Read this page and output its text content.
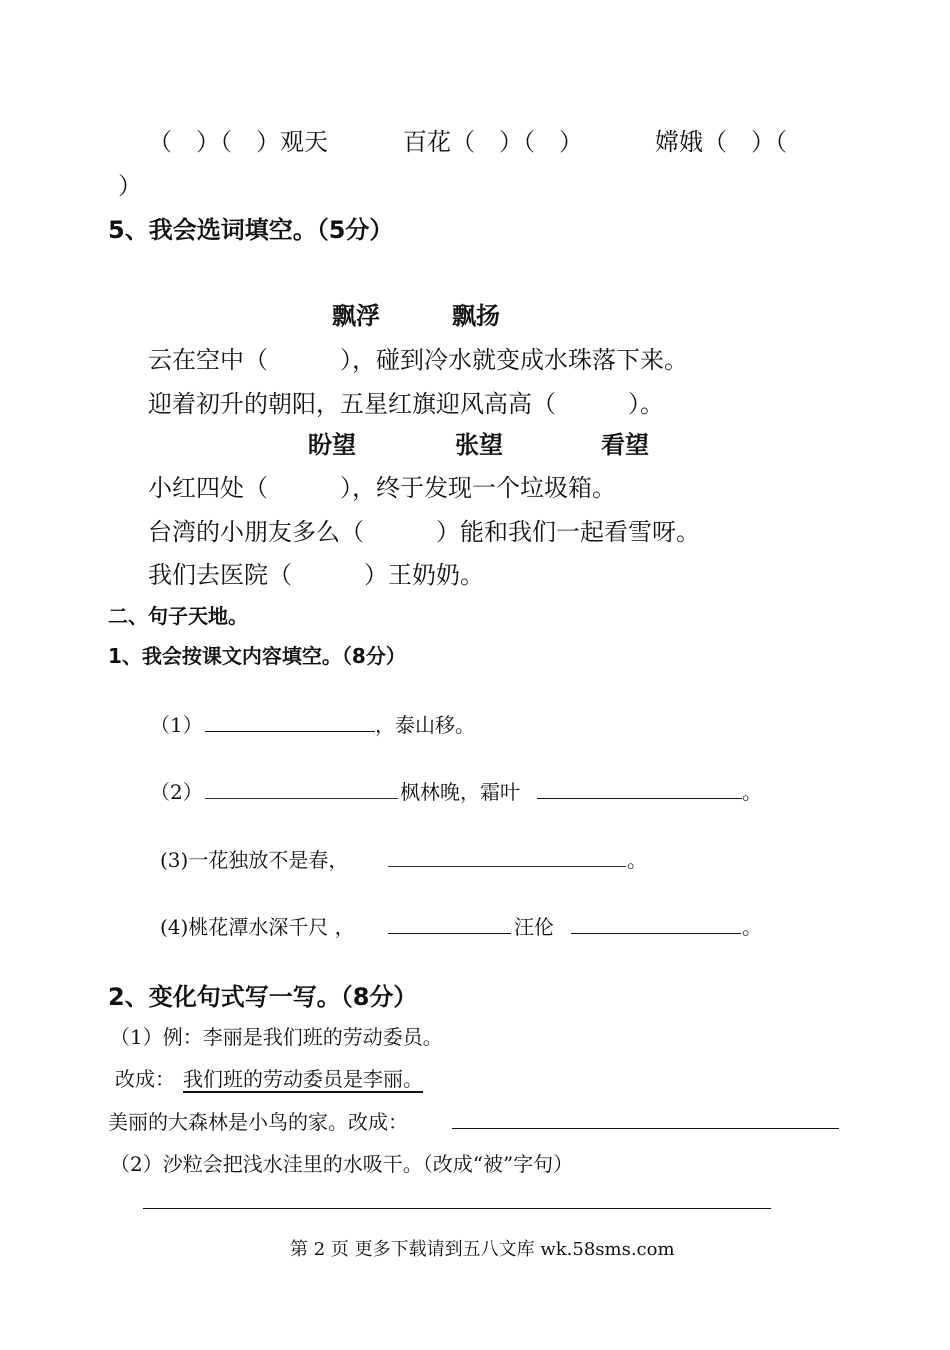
（　）（　）观天	百花（　）（　）	嫦娥（　）（
）
5、我会选词填空。（5分）
飘浮	飘扬
云在空中（　　　），碰到冷水就变成水珠落下来。
迎着初升的朝阳，五星红旗迎风高高（　　　）。
盼望	张望	看望
小红四处（　　　），终于发现一个垃圾箱。
台湾的小朋友多么（　　　）能和我们一起看雪呀。
我们去医院（　　　）王奶奶。
二、句子天地。
1、我会按课文内容填空。（8分）
（1）	，泰山移。
（2）	枫林晚，霜叶	。
(3)一花独放不是春，	。
(4)桃花潭水深千尺 ，	汪伦	。
2、变化句式写一写。（8分）
（1）例：李丽是我们班的劳动委员。
改成： 我们班的劳动委员是李丽。
美丽的大森林是小鸟的家。改成：
（2）沙粒会把浅水洼里的水吸干。（改成“被”字句）
第 2 页 更多下载请到五八文库 wk.58sms.com
